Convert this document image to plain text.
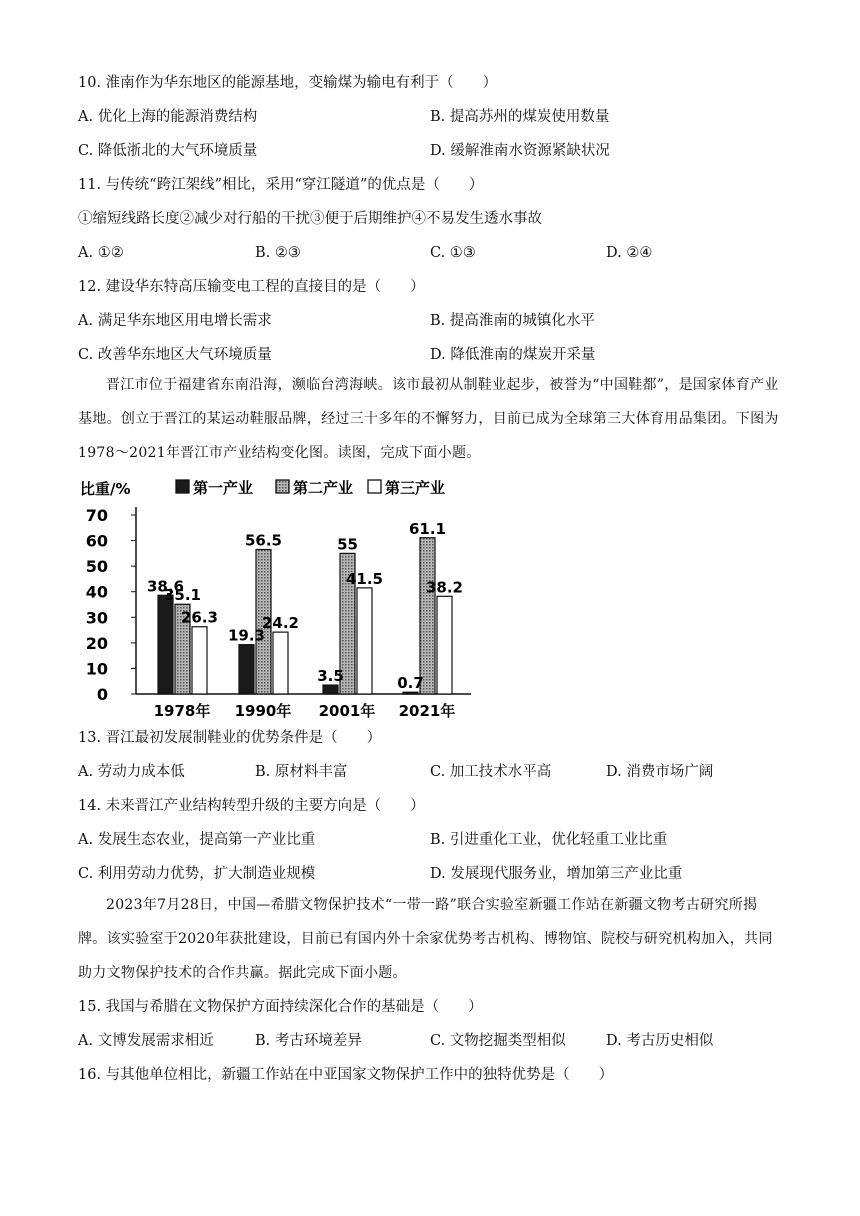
10. 淮南作为华东地区的能源基地，变输煤为输电有利于（　　）
A. 优化上海的能源消费结构	B. 提高苏州的煤炭使用数量
C. 降低浙北的大气环境质量	D. 缓解淮南水资源紧缺状况
11. 与传统“跨江架线”相比，采用“穿江隧道”的优点是（　　）
①缩短线路长度②减少对行船的干扰③便于后期维护④不易发生透水事故
A. ①②	B. ②③	C. ①③	D. ②④
12. 建设华东特高压输变电工程的直接目的是（　　）
A. 满足华东地区用电增长需求	B. 提高淮南的城镇化水平
C. 改善华东地区大气环境质量	D. 降低淮南的煤炭开采量
晋江市位于福建省东南沿海，濒临台湾海峡。该市最初从制鞋业起步，被誉为“中国鞋都”，是国家体育产业基地。创立于晋江的某运动鞋服品牌，经过三十多年的不懈努力，目前已成为全球第三大体育用品集团。下图为1978～2021年晋江市产业结构变化图。读图，完成下面小题。
比重/%	第一产业	第二产业 第三产业
0
10
20
30
40
50
60
70
38.6
35.1
26.3
19.3
56.5
24.2
3.5
55
41.5
0.7
61.1
38.2
1978年 1990年 2001年 2021年
13. 晋江最初发展制鞋业的优势条件是（　　）
A. 劳动力成本低	B. 原材料丰富	C. 加工技术水平高	D. 消费市场广阔
14. 未来晋江产业结构转型升级的主要方向是（　　）
A. 发展生态农业，提高第一产业比重	B. 引进重化工业，优化轻重工业比重
C. 利用劳动力优势，扩大制造业规模	D. 发展现代服务业，增加第三产业比重
2023年7月28日，中国—希腊文物保护技术“一带一路”联合实验室新疆工作站在新疆文物考古研究所揭牌。该实验室于2020年获批建设，目前已有国内外十余家优势考古机构、博物馆、院校与研究机构加入，共同助力文物保护技术的合作共赢。据此完成下面小题。
15. 我国与希腊在文物保护方面持续深化合作的基础是（　　）
A. 文博发展需求相近	B. 考古环境差异	C. 文物挖掘类型相似	D. 考古历史相似
16. 与其他单位相比，新疆工作站在中亚国家文物保护工作中的独特优势是（　　）
